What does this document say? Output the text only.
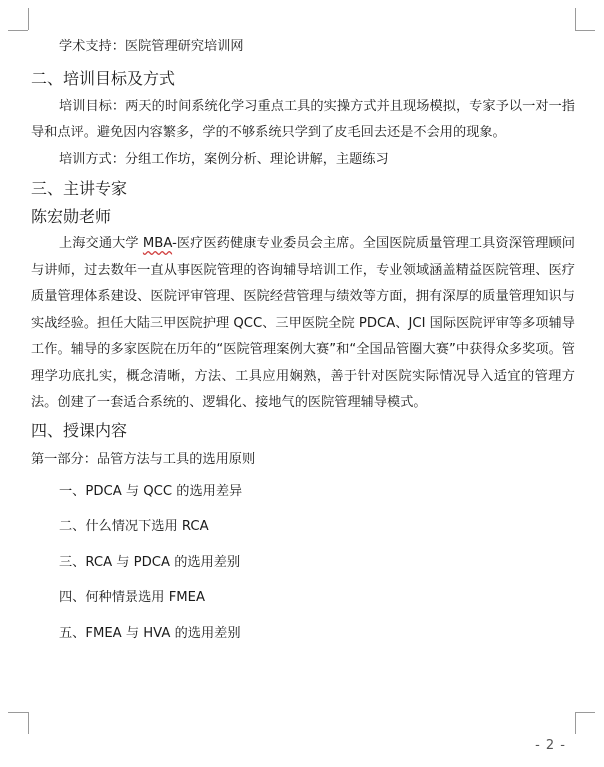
学术支持：医院管理研究培训网

二、培训目标及方式

培训目标：两天的时间系统化学习重点工具的实操方式并且现场模拟，专家予以一对一指导和点评。避免因内容繁多，学的不够系统只学到了皮毛回去还是不会用的现象。

培训方式：分组工作坊，案例分析、理论讲解，主题练习

三、主讲专家

陈宏勋老师

上海交通大学 MBA-医疗医药健康专业委员会主席。全国医院质量管理工具资深管理顾问与讲师，过去数年一直从事医院管理的咨询辅导培训工作，专业领域涵盖精益医院管理、医疗质量管理体系建设、医院评审管理、医院经营管理与绩效等方面，拥有深厚的质量管理知识与实战经验。担任大陆三甲医院护理 QCC、三甲医院全院 PDCA、JCI 国际医院评审等多项辅导工作。辅导的多家医院在历年的“医院管理案例大赛”和“全国品管圈大赛”中获得众多奖项。管理学功底扎实，概念清晰，方法、工具应用娴熟，善于针对医院实际情况导入适宜的管理方法。创建了一套适合系统的、逻辑化、接地气的医院管理辅导模式。

四、授课内容

第一部分：品管方法与工具的选用原则

一、PDCA 与 QCC 的选用差异

二、什么情况下选用 RCA

三、RCA 与 PDCA 的选用差别

四、何种情景选用 FMEA

五、FMEA 与 HVA 的选用差别

- 2 -
